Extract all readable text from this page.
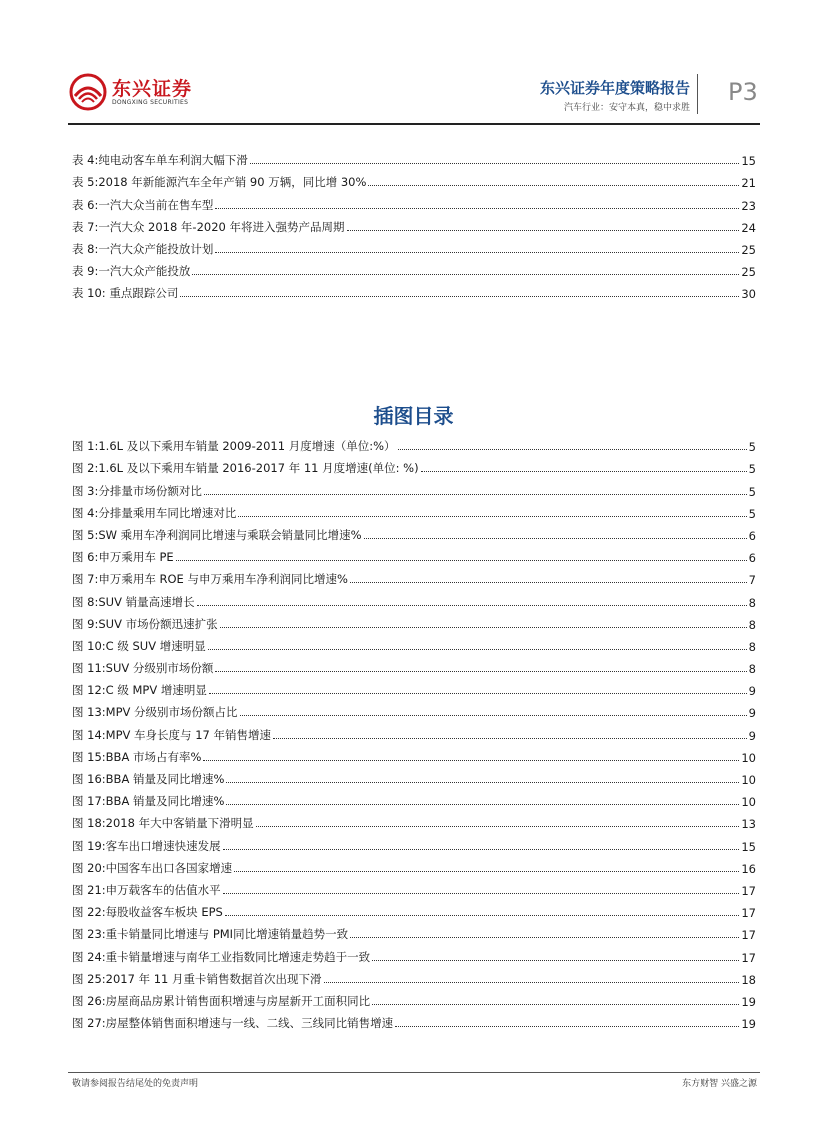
东兴证券
DONGXING SECURITIES
东兴证券年度策略报告
汽车行业：安守本真，稳中求胜
P3
表 4:纯电动客车单车利润大幅下滑	15
表 5:2018 年新能源汽车全年产销 90 万辆，同比增 30%	21
表 6:一汽大众当前在售车型	23
表 7:一汽大众 2018 年-2020 年将进入强势产品周期	24
表 8:一汽大众产能投放计划	25
表 9:一汽大众产能投放	25
表 10: 重点跟踪公司	30
插图目录
图 1:1.6L 及以下乘用车销量 2009-2011 月度增速（单位:%）	5
图 2:1.6L 及以下乘用车销量 2016-2017 年 11 月度增速(单位: %)	5
图 3:分排量市场份额对比	5
图 4:分排量乘用车同比增速对比	5
图 5:SW 乘用车净利润同比增速与乘联会销量同比增速%	6
图 6:申万乘用车 PE	6
图 7:申万乘用车 ROE 与申万乘用车净利润同比增速%	7
图 8:SUV 销量高速增长	8
图 9:SUV 市场份额迅速扩张	8
图 10:C 级 SUV 增速明显	8
图 11:SUV 分级别市场份额	8
图 12:C 级 MPV 增速明显	9
图 13:MPV 分级别市场份额占比	9
图 14:MPV 车身长度与 17 年销售增速	9
图 15:BBA 市场占有率%	10
图 16:BBA 销量及同比增速%	10
图 17:BBA 销量及同比增速%	10
图 18:2018 年大中客销量下滑明显	13
图 19:客车出口增速快速发展	15
图 20:中国客车出口各国家增速	16
图 21:申万载客车的估值水平	17
图 22:每股收益客车板块 EPS	17
图 23:重卡销量同比增速与 PMI同比增速销量趋势一致	17
图 24:重卡销量增速与南华工业指数同比增速走势趋于一致	17
图 25:2017 年 11 月重卡销售数据首次出现下滑	18
图 26:房屋商品房累计销售面积增速与房屋新开工面积同比	19
图 27:房屋整体销售面积增速与一线、二线、三线同比销售增速	19
敬请参阅报告结尾处的免责声明	东方财智 兴盛之源
